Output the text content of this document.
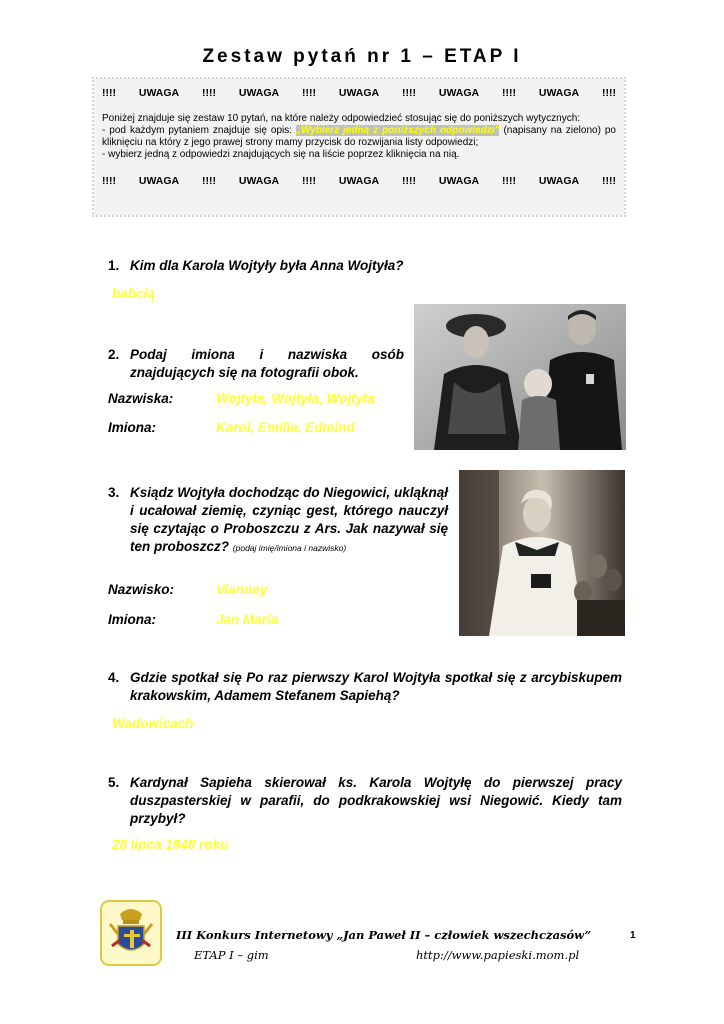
Zestaw pytań nr 1 – ETAP I
!!!! UWAGA !!!! UWAGA !!!! UWAGA !!!! UWAGA !!!! UWAGA !!!!

Poniżej znajduje się zestaw 10 pytań, na które należy odpowiedzieć stosując się do poniższych wytycznych:

- pod każdym pytaniem znajduje się opis: „Wybierz jedną z poniższych odpowiedzi” (napisany na zielono) po kliknięciu na który z jego prawej strony mamy przycisk do rozwijania listy odpowiedzi;

- wybierz jedną z odpowiedzi znajdujących się na liście poprzez kliknięcia na nią.

!!!! UWAGA !!!! UWAGA !!!! UWAGA !!!! UWAGA !!!! UWAGA !!!!
1. Kim dla Karola Wojtyły była Anna Wojtyła?
babcią
2. Podaj imiona i nazwiska osób znajdujących się na fotografii obok.
Nazwiska:	Wojtyła, Wojtyła, Wojtyła
Imiona:	Karol, Emilia, Edmind
3. Ksiądz Wojtyła dochodząc do Niegowici, ukląknął i ucałował ziemię, czyniąc gest, którego nauczył się czytając o Proboszczu z Ars. Jak nazywał się ten proboszcz? (podaj imię/imiona i nazwisko)
Nazwisko:	Vianney
Imiona:	Jan Maria
4. Gdzie spotkał się Po raz pierwszy Karol Wojtyła spotkał się z arcybiskupem krakowskim, Adamem Stefanem Sapiehą?
Wadowicach
5. Kardynał Sapieha skierował ks. Karola Wojtyłę do pierwszej pracy duszpasterskiej w parafii, do podkrakowskiej wsi Niegowić. Kiedy tam przybył?
28 lipca 1948 roku
III Konkurs Internetowy „Jan Paweł II – człowiek wszechczasów”	1
ETAP I – gim	http://www.papieski.mom.pl
